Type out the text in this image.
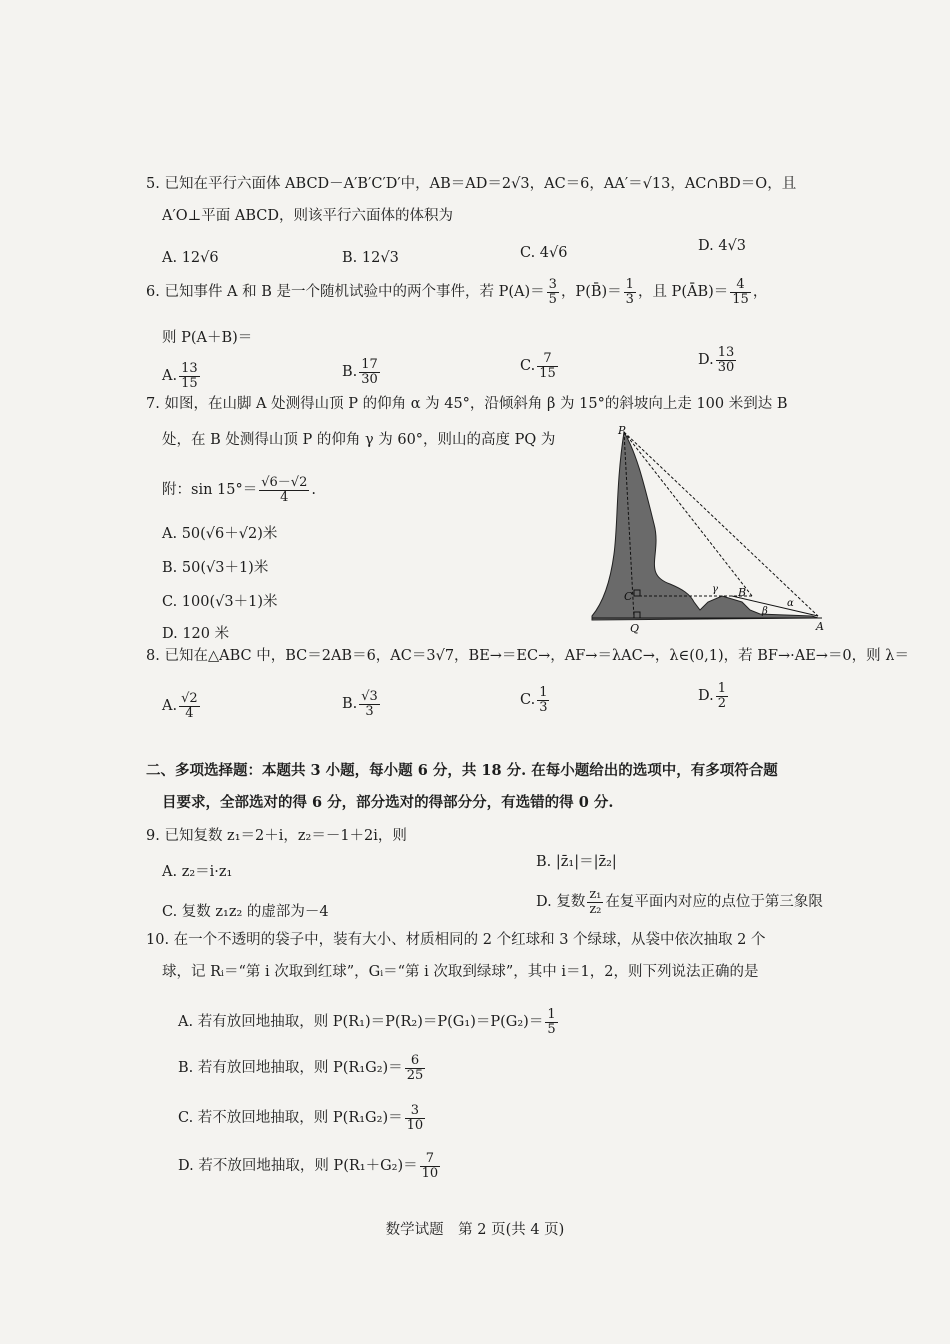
5. 已知在平行六面体 ABCD－A′B′C′D′中，AB＝AD＝2√3，AC＝6，AA′＝√13，AC∩BD＝O，且
A′O⊥平面 ABCD，则该平行六面体的体积为
A. 12√6	B. 12√3	C. 4√6	D. 4√3
6. 已知事件 A 和 B 是一个随机试验中的两个事件，若 $P(A)= \frac{3}{5}$ ，P(B̄)＝ $\frac{1}{3}$ ，且 P(ĀB)＝ $\frac{4}{15}$ ，
则 P(A＋B)＝
A. $\frac{13}{15}$	B. $\frac{17}{30}$	C. $\frac{7}{15}$	D. $\frac{13}{30}$
7. 如图，在山脚 A 处测得山顶 P 的仰角 α 为 45°，沿倾斜角 β 为 15°的斜坡向上走 100 米到达 B
处，在 B 处测得山顶 P 的仰角 γ 为 60°，则山的高度 PQ 为
附：$\sin 15^\circ= \frac{√6-√2}{4}$ .
A. 50(√6＋√2)米
B. 50(√3＋1)米
C. 100(√3＋1)米
D. 120 米
P
B
C
Q	A
γ
β
α
8. 已知在△ABC 中，BC＝2AB＝6，AC＝3√7，BE→＝EC→，AF→＝λAC→，λ∈(0,1)，若 BF→·AE→＝0，则 λ＝
A. $\frac{√2}{4}$	B. $\frac{√3}{3}$	C. $\frac{1}{3}$	D. $\frac{1}{2}$
二、多项选择题：本题共 3 小题，每小题 6 分，共 18 分. 在每小题给出的选项中，有多项符合题
目要求，全部选对的得 6 分，部分选对的得部分分，有选错的得 0 分.
9. 已知复数 z₁＝2＋i，z₂＝－1＋2i，则
A. z₂＝i·z₁
B. |z̄₁|＝|z̄₂|
C. 复数 z₁z₂ 的虚部为－4
D. 复数 $\frac{\text{z₁}}{\text{z₂}}$ 在复平面内对应的点位于第三象限
10. 在一个不透明的袋子中，装有大小、材质相同的 2 个红球和 3 个绿球，从袋中依次抽取 2 个
球，记 Rᵢ＝“第 i 次取到红球”，Gᵢ＝“第 i 次取到绿球”，其中 i＝1，2，则下列说法正确的是
A. 若有放回地抽取，则 $P(R_1)=P(R_2)=P(G_1)=P(G_2)= \frac{1}{5}$
B. 若有放回地抽取，则 $P(R_1G_2)= \frac{6}{25}$
C. 若不放回地抽取，则 $P(R_1G_2)= \frac{3}{10}$
D. 若不放回地抽取，则 $P(R_1+G_2)= \frac{7}{10}$
数学试题　第 2 页(共 4 页)
